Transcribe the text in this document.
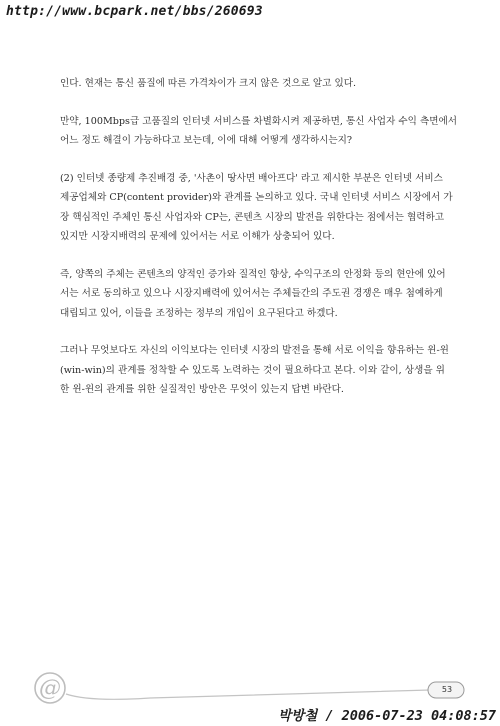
http://www.bcpark.net/bbs/260693

인다. 현재는 통신 품질에 따른 가격차이가 크지 않은 것으로 알고 있다.

만약, 100Mbps급 고품질의 인터넷 서비스를 차별화시켜 제공하면, 통신 사업자 수익 측면에서
어느 정도 해결이 가능하다고 보는데, 이에 대해 어떻게 생각하시는지?

(2) 인터넷 종량제 추진배경 중, '사촌이 땅사면 배아프다' 라고 제시한 부분은 인터넷 서비스
제공업체와 CP(content provider)와 관계를 논의하고 있다. 국내 인터넷 서비스 시장에서 가
장 핵심적인 주체인 통신 사업자와 CP는, 콘텐츠 시장의 발전을 위한다는 점에서는 협력하고
있지만 시장지배력의 문제에 있어서는 서로 이해가 상충되어 있다.

즉, 양쪽의 주체는 콘텐츠의 양적인 증가와 질적인 향상, 수익구조의 안정화 등의 현안에 있어
서는 서로 동의하고 있으나 시장지배력에 있어서는 주체들간의 주도권 경쟁은 매우 첨예하게
대립되고 있어, 이들을 조정하는 정부의 개입이 요구된다고 하겠다.

그러나 무엇보다도 자신의 이익보다는 인터넷 시장의 발전을 통해 서로 이익을 향유하는 윈-윈
(win-win)의 관계를 정착할 수 있도록 노력하는 것이 필요하다고 본다. 이와 같이, 상생을 위
한 윈-윈의 관계를 위한 실질적인 방안은 무엇이 있는지 답변 바란다.

@	53
박방철 / 2006-07-23 04:08:57
